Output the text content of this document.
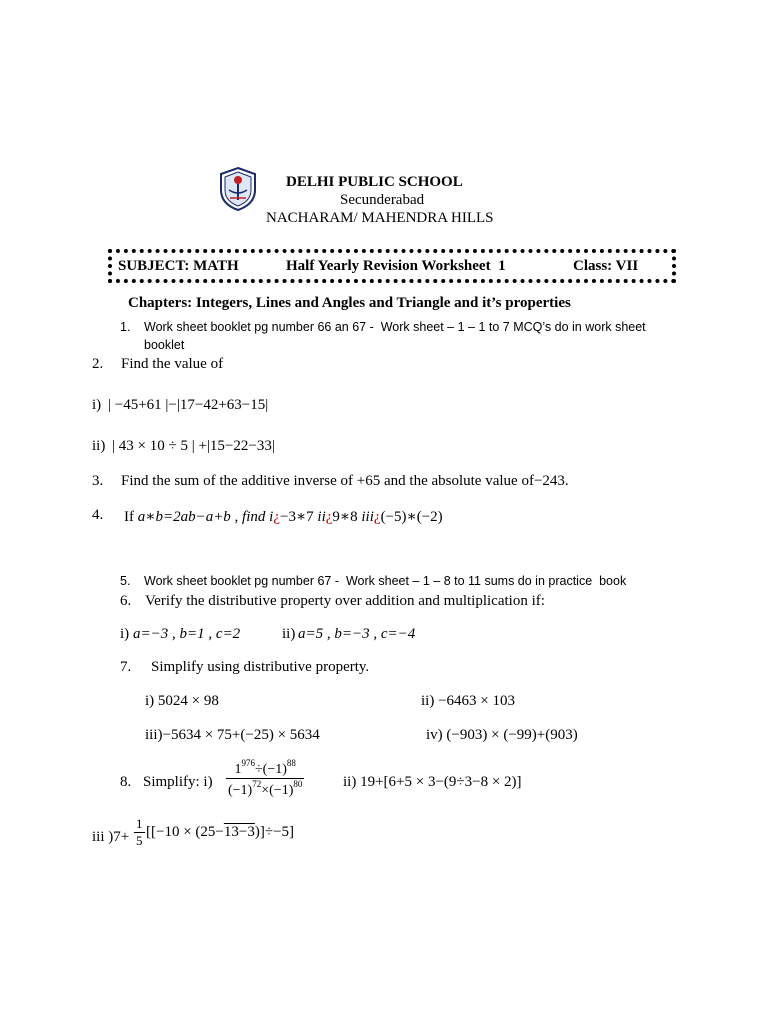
DELHI PUBLIC SCHOOL
Secunderabad
NACHARAM/ MAHENDRA HILLS
SUBJECT: MATH	Half Yearly Revision Worksheet  1	Class: VII
Chapters: Integers, Lines and Angles and Triangle and it’s properties
1. Work sheet booklet pg number 66 an 67 -  Work sheet – 1 – 1 to 7 MCQ’s do in work sheet
booklet
2. Find the value of
i) | −45+61 |−|17−42+63−15|
ii) | 43 × 10 ÷ 5 | +|15−22−33|
3. Find the sum of the additive inverse of +65 and the absolute value of−243.
4. If a∗b=2ab−a+b , find i¿−3∗7 ii¿9∗8 iii¿(−5)∗(−2)
5. Work sheet booklet pg number 67 -  Work sheet – 1 – 8 to 11 sums do in practice  book
6. Verify the distributive property over addition and multiplication if:
i) a=−3 , b=1 , c=2	ii) a=5 , b=−3 , c=−4
7. Simplify using distributive property.
i) 5024 × 98	ii) −6463 × 103
iii)−5634 × 75+(−25) × 5634	iv) (−903) × (−99)+(903)
8. Simplify: $i) \frac{1^{976}\div(-1)^{88}}{(-1)^{72}\times(-1)^{80}}$	ii) 19+[6+5 × 3−(9÷3−8 × 2)]
iii )$7+ \frac{1}{5} [[-10 \times (25-13-3)]\div-5]$
